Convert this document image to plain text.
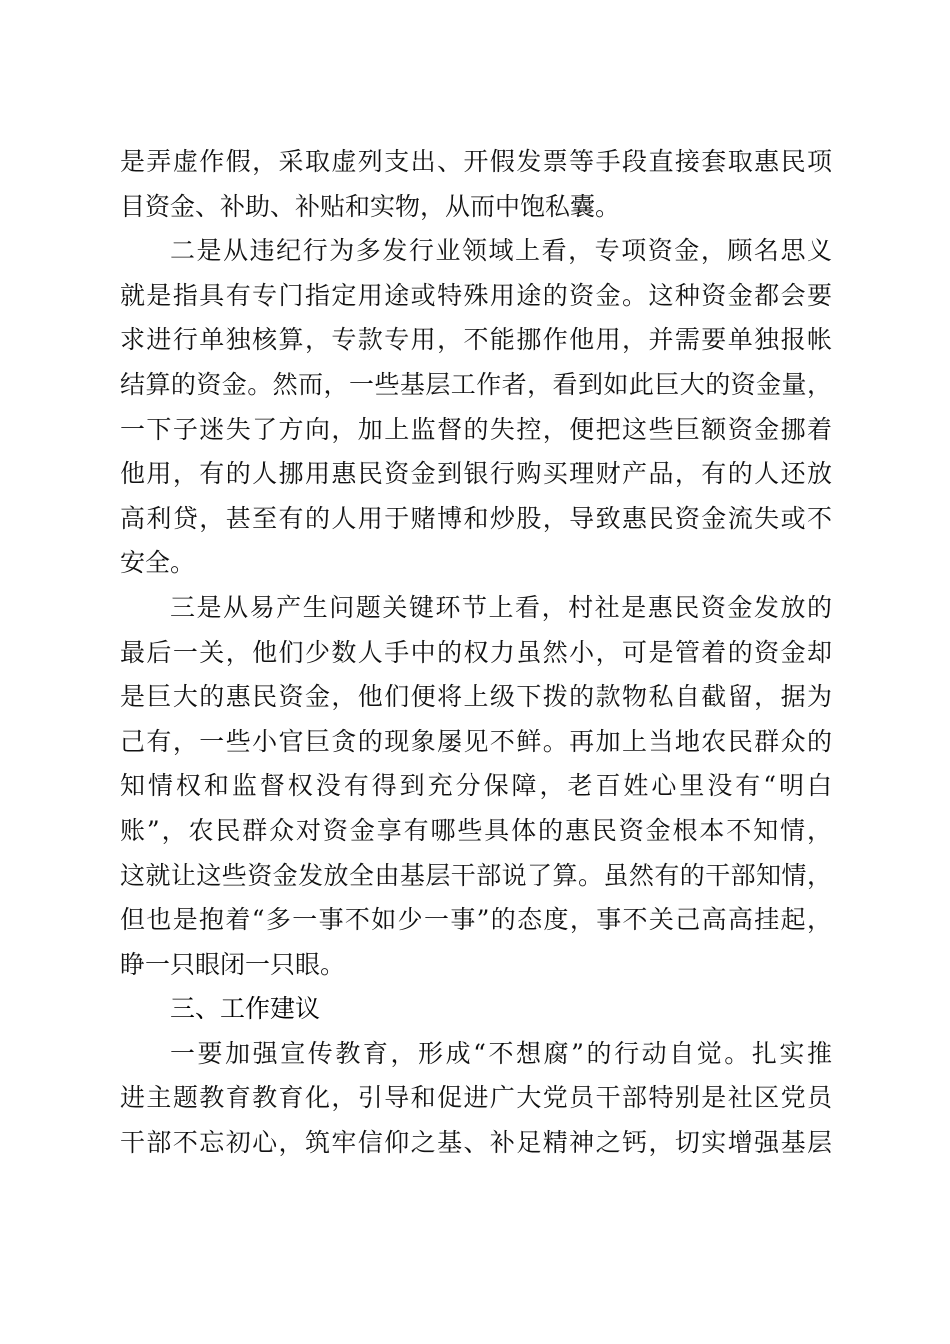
是弄虚作假，采取虚列支出、开假发票等手段直接套取惠民项
目资金、补助、补贴和实物，从而中饱私囊。
二是从违纪行为多发行业领域上看，专项资金，顾名思义
就是指具有专门指定用途或特殊用途的资金。这种资金都会要
求进行单独核算，专款专用，不能挪作他用，并需要单独报帐
结算的资金。然而，一些基层工作者，看到如此巨大的资金量，
一下子迷失了方向，加上监督的失控，便把这些巨额资金挪着
他用，有的人挪用惠民资金到银行购买理财产品，有的人还放
高利贷，甚至有的人用于赌博和炒股，导致惠民资金流失或不
安全。
三是从易产生问题关键环节上看，村社是惠民资金发放的
最后一关，他们少数人手中的权力虽然小，可是管着的资金却
是巨大的惠民资金，他们便将上级下拨的款物私自截留，据为
己有，一些小官巨贪的现象屡见不鲜。再加上当地农民群众的
知情权和监督权没有得到充分保障，老百姓心里没有“明白
账”，农民群众对资金享有哪些具体的惠民资金根本不知情，
这就让这些资金发放全由基层干部说了算。虽然有的干部知情，
但也是抱着“多一事不如少一事”的态度，事不关己高高挂起，
睁一只眼闭一只眼。
三、工作建议
一要加强宣传教育，形成“不想腐”的行动自觉。扎实推
进主题教育教育化，引导和促进广大党员干部特别是社区党员
干部不忘初心，筑牢信仰之基、补足精神之钙，切实增强基层
